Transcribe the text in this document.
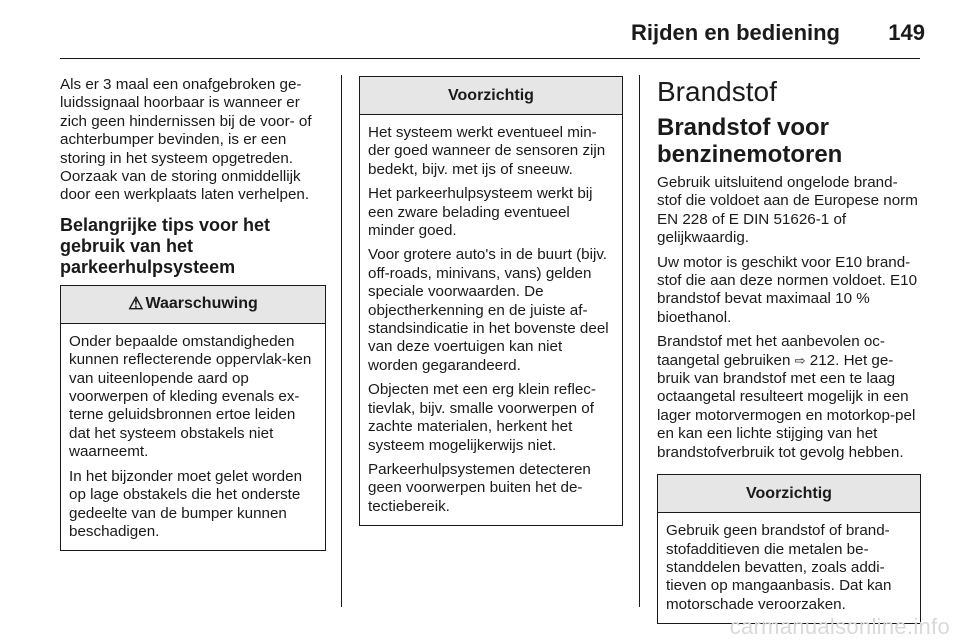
Rijden en bediening 149

Als er 3 maal een onafgebroken ge-luidssignaal hoorbaar is wanneer er zich geen hindernissen bij de voor- of achterbumper bevinden, is er een storing in het systeem opgetreden. Oorzaak van de storing onmiddellijk door een werkplaats laten verhelpen.

Belangrijke tips voor het gebruik van het parkeerhulpsysteem

⚠ Waarschuwing

Onder bepaalde omstandigheden kunnen reflecterende oppervlak-ken van uiteenlopende aard op voorwerpen of kleding evenals ex-terne geluidsbronnen ertoe leiden dat het systeem obstakels niet waarneemt.

In het bijzonder moet gelet worden op lage obstakels die het onderste gedeelte van de bumper kunnen beschadigen.

Voorzichtig

Het systeem werkt eventueel min-der goed wanneer de sensoren zijn bedekt, bijv. met ijs of sneeuw.

Het parkeerhulpsysteem werkt bij een zware belading eventueel minder goed.

Voor grotere auto's in de buurt (bijv. off-roads, minivans, vans) gelden speciale voorwaarden. De objectherkenning en de juiste af-standsindicatie in het bovenste deel van deze voertuigen kan niet worden gegarandeerd.

Objecten met een erg klein reflec-tievlak, bijv. smalle voorwerpen of zachte materialen, herkent het systeem mogelijkerwijs niet.

Parkeerhulpsystemen detecteren geen voorwerpen buiten het de-tectiebereik.

Brandstof

Brandstof voor benzinemotoren

Gebruik uitsluitend ongelode brand-stof die voldoet aan de Europese norm EN 228 of E DIN 51626-1 of gelijkwaardig.

Uw motor is geschikt voor E10 brand-stof die aan deze normen voldoet. E10 brandstof bevat maximaal 10 % bioethanol.

Brandstof met het aanbevolen oc-taangetal gebruiken ⇨ 212. Het ge-bruik van brandstof met een te laag octaangetal resulteert mogelijk in een lager motorvermogen en motorkop-pel en kan een lichte stijging van het brandstofverbruik tot gevolg hebben.

Voorzichtig

Gebruik geen brandstof of brand-stofadditieven die metalen be-standdelen bevatten, zoals addi-tieven op mangaanbasis. Dat kan motorschade veroorzaken.

carmanualsonline.info
